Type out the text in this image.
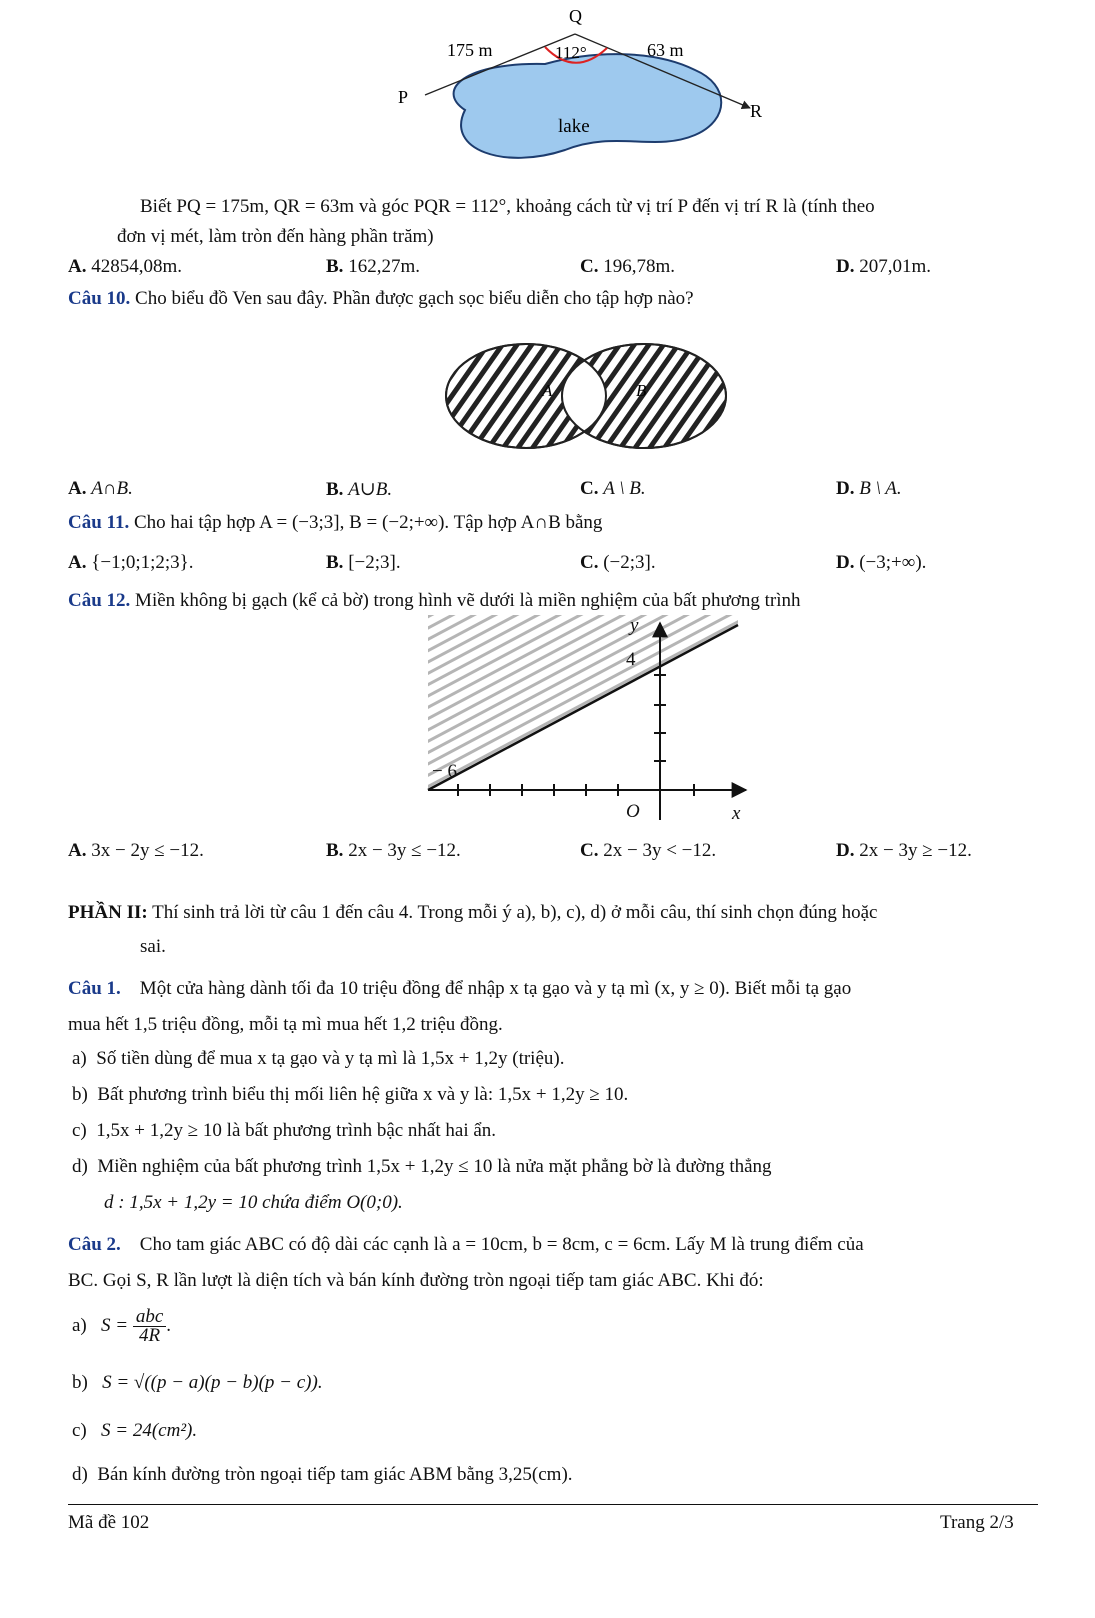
Q
P
R
175 m	63 m
112°
lake
Biết PQ = 175m, QR = 63m và góc PQR = 112°, khoảng cách từ vị trí P đến vị trí R là (tính theo
đơn vị mét, làm tròn đến hàng phần trăm)
A. 42854,08m.	B. 162,27m.	C. 196,78m.	D. 207,01m.
Câu 10. Cho biểu đồ Ven sau đây. Phần được gạch sọc biểu diễn cho tập hợp nào?
A	B
A. A∩B.	B. A∪B.	C. A \ B.	D. B \ A.
Câu 11. Cho hai tập hợp A = (−3;3], B = (−2;+∞). Tập hợp A∩B bằng
A. {−1;0;1;2;3}.	B. [−2;3].	C. (−2;3].	D. (−3;+∞).
Câu 12. Miền không bị gạch (kể cả bờ) trong hình vẽ dưới là miền nghiệm của bất phương trình
y
x
O
4
− 6
A. 3x − 2y ≤ −12.	B. 2x − 3y ≤ −12.	C. 2x − 3y < −12.	D. 2x − 3y ≥ −12.
PHẦN II: Thí sinh trả lời từ câu 1 đến câu 4. Trong mỗi ý a), b), c), d) ở mỗi câu, thí sinh chọn đúng hoặc
sai.
Câu 1. Một cửa hàng dành tối đa 10 triệu đồng để nhập x tạ gạo và y tạ mì (x, y ≥ 0). Biết mỗi tạ gạo
mua hết 1,5 triệu đồng, mỗi tạ mì mua hết 1,2 triệu đồng.
a) Số tiền dùng để mua x tạ gạo và y tạ mì là 1,5x + 1,2y (triệu).
b) Bất phương trình biểu thị mối liên hệ giữa x và y là: 1,5x + 1,2y ≥ 10.
c) 1,5x + 1,2y ≥ 10 là bất phương trình bậc nhất hai ẩn.
d) Miền nghiệm của bất phương trình 1,5x + 1,2y ≤ 10 là nửa mặt phẳng bờ là đường thẳng
d : 1,5x + 1,2y = 10 chứa điểm O(0;0).
Câu 2. Cho tam giác ABC có độ dài các cạnh là a = 10cm, b = 8cm, c = 6cm. Lấy M là trung điểm của
BC. Gọi S, R lần lượt là diện tích và bán kính đường tròn ngoại tiếp tam giác ABC. Khi đó:
a) $S = \frac{\text{abc}}{4R}$ .
b) S = √((p − a)(p − b)(p − c)).
c) S = 24(cm²).
d) Bán kính đường tròn ngoại tiếp tam giác ABM bằng 3,25(cm).
Mã đề 102	Trang 2/3
